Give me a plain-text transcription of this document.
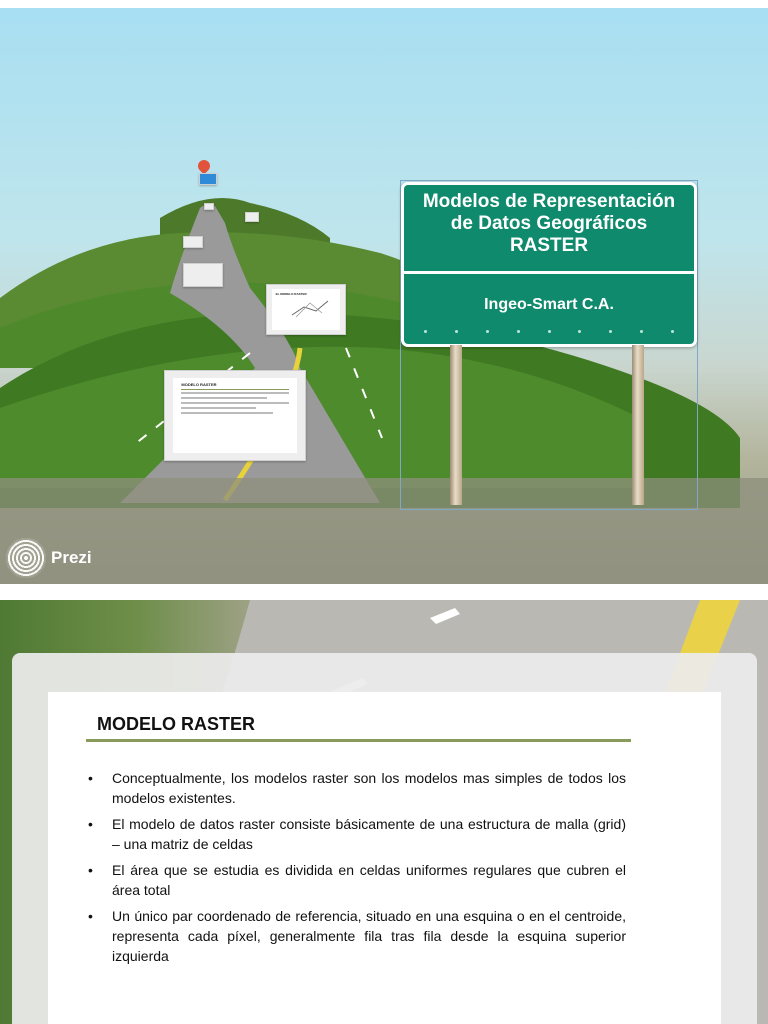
MODELO RASTER
EL MODELO RASTER
Modelos de Representación
de Datos Geográficos
RASTER
Ingeo-Smart C.A.
Prezi
MODELO RASTER
• Conceptualmente, los modelos raster son los modelos mas simples de todos los modelos existentes.
• El modelo de datos raster consiste básicamente de una estructura de malla (grid) – una matriz de celdas
• El área que se estudia es dividida en celdas uniformes regulares que cubren el área total
• Un único par coordenado de referencia, situado en una esquina o en el centroide, representa cada píxel, generalmente fila tras fila desde la esquina superior izquierda
